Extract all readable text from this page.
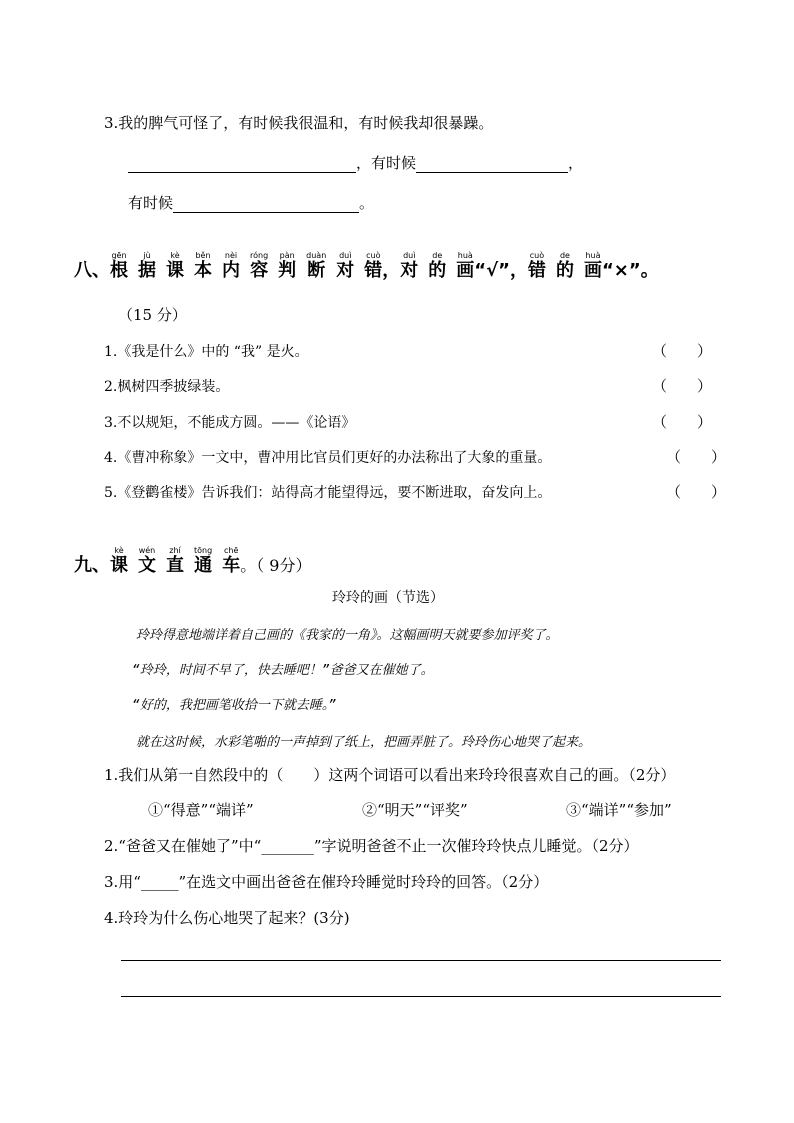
3.我的脾气可怪了，有时候我很温和，有时候我却很暴躁。
，有时候	，
有时候	。
八、
gēn
根
jù
据
kè
课
běn
本
nèi
内
róng
容
pàn
判
duàn
断
duì
对
cuò
错 ，
duì
对
de
的
huà
画 “√”，
cuò
错
de
的
huà
画 “×”。
（15 分）
1.《我是什么》中的 “我” 是火。	（　　）
2.枫树四季披绿装。	（　　）
3.不以规矩，不能成方圆。——《论语》	（　　）
4.《曹冲称象》一文中，曹冲用比官员们更好的办法称出了大象的重量。	（　　）
5.《登鹳雀楼》告诉我们：站得高才能望得远，要不断进取，奋发向上。	（　　）
九、
kè
课
wén
文
zhí
直
tōng
通
chē
车 。（ 9分）
玲玲的画（节选）
玲玲得意地端详着自己画的《我家的一角》。这幅画明天就要参加评奖了。
“玲玲，时间不早了，快去睡吧！”爸爸又在催她了。
“好的，我把画笔收拾一下就去睡。”
就在这时候，水彩笔啪的一声掉到了纸上，把画弄脏了。玲玲伤心地哭了起来。
1.我们从第一自然段中的（　　）这两个词语可以看出来玲玲很喜欢自己的画。（2分）
①“得意”“端详”	②“明天”“评奖”	③“端详”“参加”
2.“爸爸又在催她了”中“_______”字说明爸爸不止一次催玲玲快点儿睡觉。（2分）
3.用“_____”在选文中画出爸爸在催玲玲睡觉时玲玲的回答。（2分）
4.玲玲为什么伤心地哭了起来？(3分)
